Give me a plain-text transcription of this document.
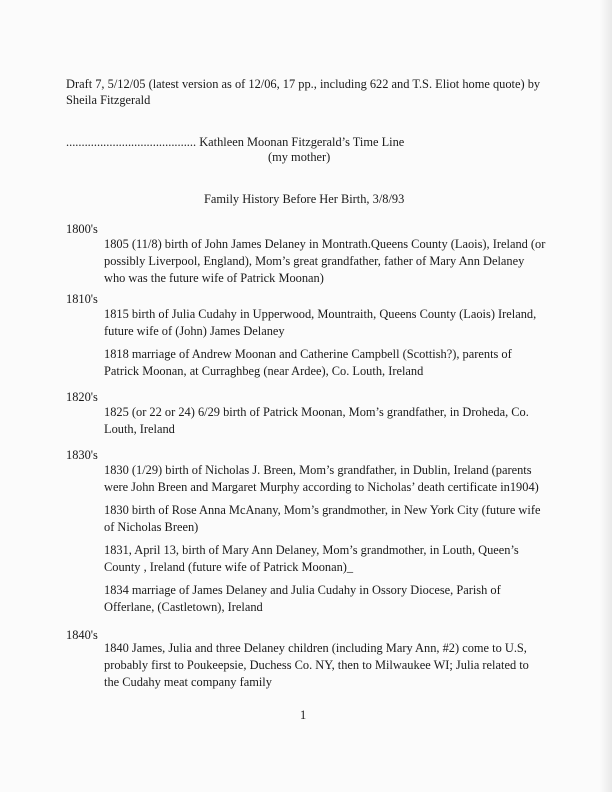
Draft 7, 5/12/05 (latest version as of 12/06, 17 pp., including 622 and T.S. Eliot home quote) by Sheila Fitzgerald
.......................................... Kathleen Moonan Fitzgerald’s Time Line
(my mother)
Family History Before Her Birth, 3/8/93
1800's
1805 (11/8) birth of John James Delaney in Montrath.Queens County (Laois), Ireland (or possibly Liverpool, England), Mom’s great grandfather, father of Mary Ann Delaney who was the future wife of Patrick Moonan)
1810's
1815 birth of Julia Cudahy in Upperwood, Mountraith, Queens County (Laois) Ireland, future wife of (John) James Delaney
1818 marriage of Andrew Moonan and Catherine Campbell (Scottish?), parents of Patrick Moonan, at Curraghbeg (near Ardee), Co. Louth, Ireland
1820's
1825 (or 22 or 24) 6/29 birth of Patrick Moonan, Mom’s grandfather, in Droheda, Co. Louth, Ireland
1830's
1830 (1/29) birth of Nicholas J. Breen, Mom’s grandfather, in Dublin, Ireland (parents were John Breen and Margaret Murphy according to Nicholas’ death certificate in1904)
1830 birth of Rose Anna McAnany, Mom’s grandmother, in New York City (future wife of Nicholas Breen)
1831, April 13, birth of Mary Ann Delaney, Mom’s grandmother, in Louth, Queen’s County , Ireland (future wife of Patrick Moonan)_
1834 marriage of James Delaney and Julia Cudahy in Ossory Diocese, Parish of Offerlane, (Castletown), Ireland
1840's
1840 James, Julia and three Delaney children (including Mary Ann, #2) come to U.S, probably first to Poukeepsie, Duchess Co. NY, then to Milwaukee WI; Julia related to the Cudahy meat company family
1
